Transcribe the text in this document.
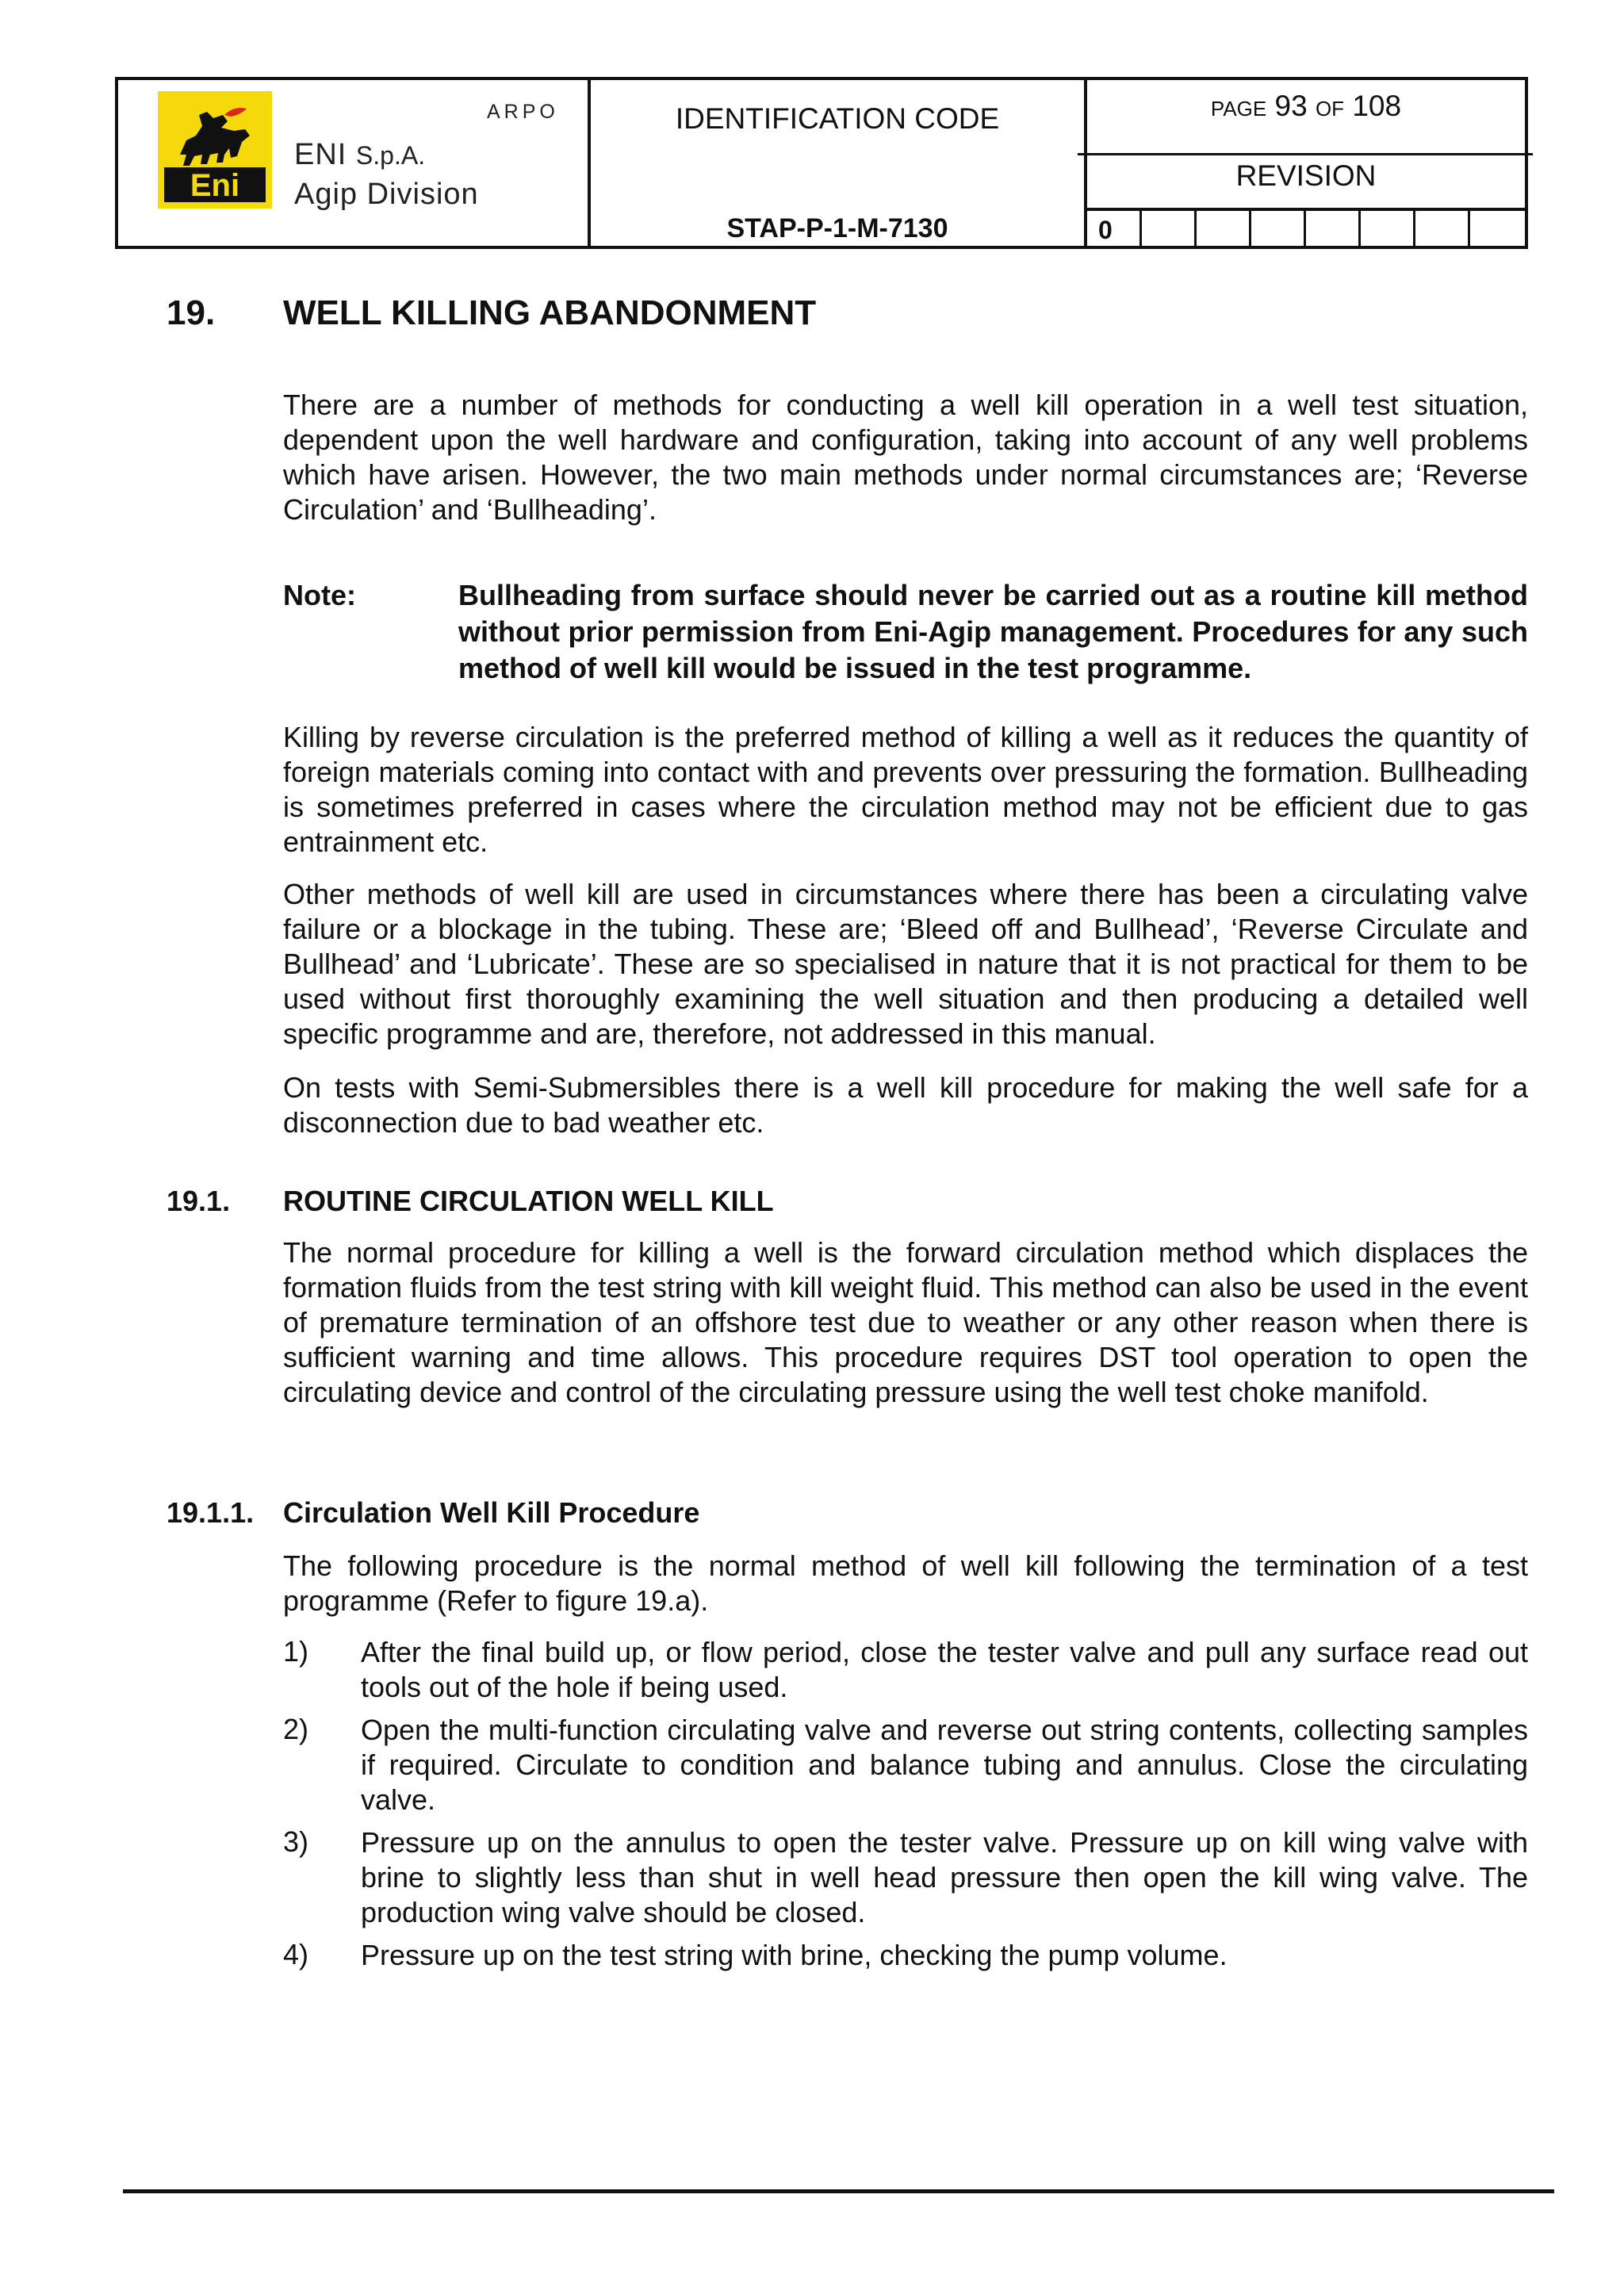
Eni
ARPO
ENI S.p.A.
Agip Division
IDENTIFICATION CODE
STAP-P-1-M-7130
PAGE 93 OF 108
REVISION
0
19. WELL KILLING ABANDONMENT
There are a number of methods for conducting a well kill operation in a well test situation, dependent upon the well hardware and configuration, taking into account of any well problems which have arisen. However, the two main methods under normal circumstances are; ‘Reverse Circulation’ and ‘Bullheading’.
Note:	Bullheading from surface should never be carried out as a routine kill method without prior permission from Eni-Agip management. Procedures for any such method of well kill would be issued in the test programme.
Killing by reverse circulation is the preferred method of killing a well as it reduces the quantity of foreign materials coming into contact with and prevents over pressuring the formation. Bullheading is sometimes preferred in cases where the circulation method may not be efficient due to gas entrainment etc.
Other methods of well kill are used in circumstances where there has been a circulating valve failure or a blockage in the tubing. These are; ‘Bleed off and Bullhead’, ‘Reverse Circulate and Bullhead’ and ‘Lubricate’. These are so specialised in nature that it is not practical for them to be used without first thoroughly examining the well situation and then producing a detailed well specific programme and are, therefore, not addressed in this manual.
On tests with Semi-Submersibles there is a well kill procedure for making the well safe for a disconnection due to bad weather etc.
19.1. ROUTINE CIRCULATION WELL KILL
The normal procedure for killing a well is the forward circulation method which displaces the formation fluids from the test string with kill weight fluid. This method can also be used in the event of premature termination of an offshore test due to weather or any other reason when there is sufficient warning and time allows. This procedure requires DST tool operation to open the circulating device and control of the circulating pressure using the well test choke manifold.
19.1.1. Circulation Well Kill Procedure
The following procedure is the normal method of well kill following the termination of a test programme (Refer to figure 19.a).
1) After the final build up, or flow period, close the tester valve and pull any surface read out tools out of the hole if being used.
2) Open the multi-function circulating valve and reverse out string contents, collecting samples if required. Circulate to condition and balance tubing and annulus. Close the circulating valve.
3) Pressure up on the annulus to open the tester valve. Pressure up on kill wing valve with brine to slightly less than shut in well head pressure then open the kill wing valve. The production wing valve should be closed.
4) Pressure up on the test string with brine, checking the pump volume.
